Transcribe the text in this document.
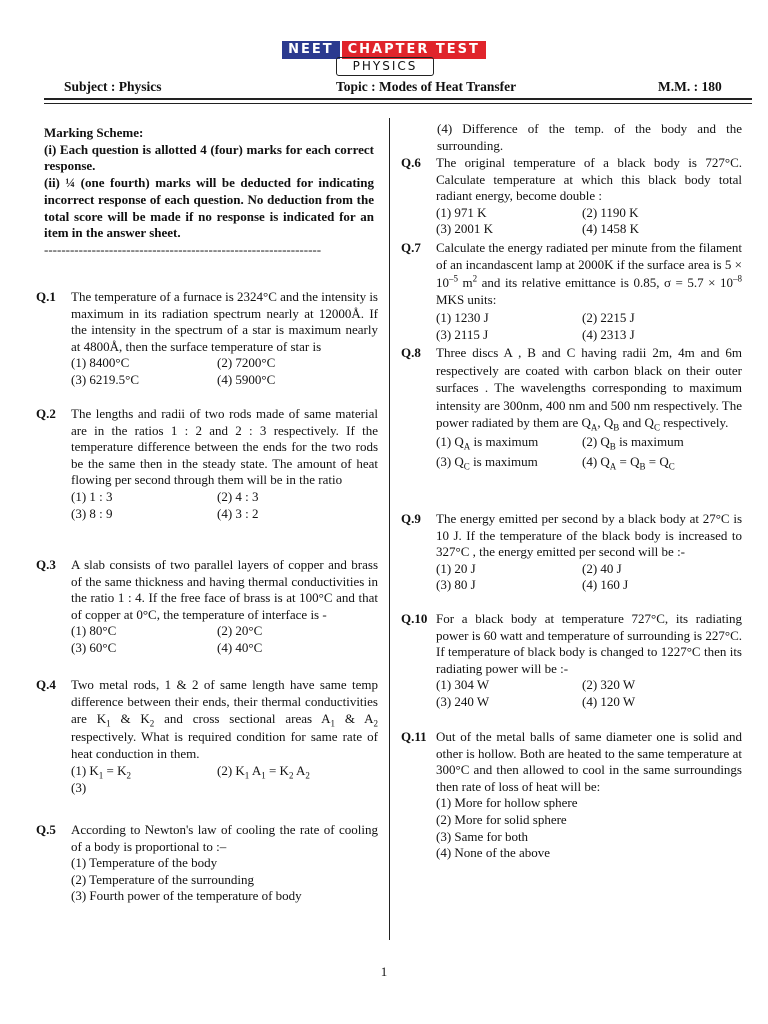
NEET CHAPTER TEST
PHYSICS
Subject : Physics	Topic : Modes of Heat Transfer	M.M. : 180
Marking Scheme:
(i) Each question is allotted 4 (four) marks for each correct response.
(ii) ¼ (one fourth) marks will be deducted for indicating incorrect response of each question. No deduction from the total score will be made if no response is indicated for an item in the answer sheet.
----------------------------------------------------------------
Q.1 The temperature of a furnace is 2324°C and the intensity is maximum in its radiation spectrum nearly at 12000Å. If the intensity in the spectrum of a star is maximum nearly at 4800Å, then the surface temperature of star is
(1) 8400°C	(2) 7200°C
(3) 6219.5°C	(4) 5900°C
Q.2 The lengths and radii of two rods made of same material are in the ratios 1 : 2 and 2 : 3 respectively. If the temperature difference between the ends for the two rods be the same then in the steady state. The amount of heat flowing per second through them will be in the ratio
(1) 1 : 3	(2) 4 : 3
(3) 8 : 9	(4) 3 : 2
Q.3 A slab consists of two parallel layers of copper and brass of the same thickness and having thermal conductivities in the ratio 1 : 4. If the free face of brass is at 100°C and that of copper at 0°C, the temperature of interface is -
(1) 80°C	(2) 20°C
(3) 60°C	(4) 40°C
Q.4 Two metal rods, 1 & 2 of same length have same temp difference between their ends, their thermal conductivities are $K_1$ & $K_2$ and cross sectional areas $A_1$ & $A_2$ respectively. What is required condition for same rate of heat conduction in them.
(1) $K_1 = K_2$	(2) $K_1$ $A_1 = K_2$ $A_2$
(3)
Q.5 According to Newton's law of cooling the rate of cooling of a body is proportional to :–
(1) Temperature of the body
(2) Temperature of the surrounding
(3) Fourth power of the temperature of body
(4) Difference of the temp. of the body and the surrounding.
Q.6 The original temperature of a black body is 727°C. Calculate temperature at which this black body total radiant energy, become double :
(1) 971 K	(2) 1190 K
(3) 2001 K	(4) 1458 K
Q.7 Calculate the energy radiated per minute from the filament of an incandascent lamp at 2000K if the surface area is $5 \times 10^{-5}$ $m^2$ and its relative emittance is 0.85, $\sigma = 5.7 \times 10^{-8}$ MKS units:
(1) 1230 J	(2) 2215 J
(3) 2115 J	(4) 2313 J
Q.8 Three discs A , B and C having radii 2m, 4m and 6m respectively are coated with carbon black on their outer surfaces . The wavelengths corresponding to maximum intensity are 300nm, 400 nm and 500 nm respectively. The power radiated by them are $Q_A$, $Q_B$ and $Q_C$ respectively.
(1) $Q_A$ is maximum	(2) $Q_B$ is maximum
(3) $Q_C$ is maximum	(4) $Q_A = Q_B = Q_C$
Q.9 The energy emitted per second by a black body at 27°C is 10 J. If the temperature of the black body is increased to 327°C , the energy emitted per second will be :-
(1) 20 J	(2) 40 J
(3) 80 J	(4) 160 J
Q.10 For a black body at temperature 727°C, its radiating power is 60 watt and temperature of surrounding is 227°C. If temperature of black body is changed to 1227°C then its radiating power will be :-
(1) 304 W	(2) 320 W
(3) 240 W	(4) 120 W
Q.11 Out of the metal balls of same diameter one is solid and other is hollow. Both are heated to the same temperature at 300°C and then allowed to cool in the same surroundings then rate of loss of heat will be:
(1) More for hollow sphere
(2) More for solid sphere
(3) Same for both
(4) None of the above
1
